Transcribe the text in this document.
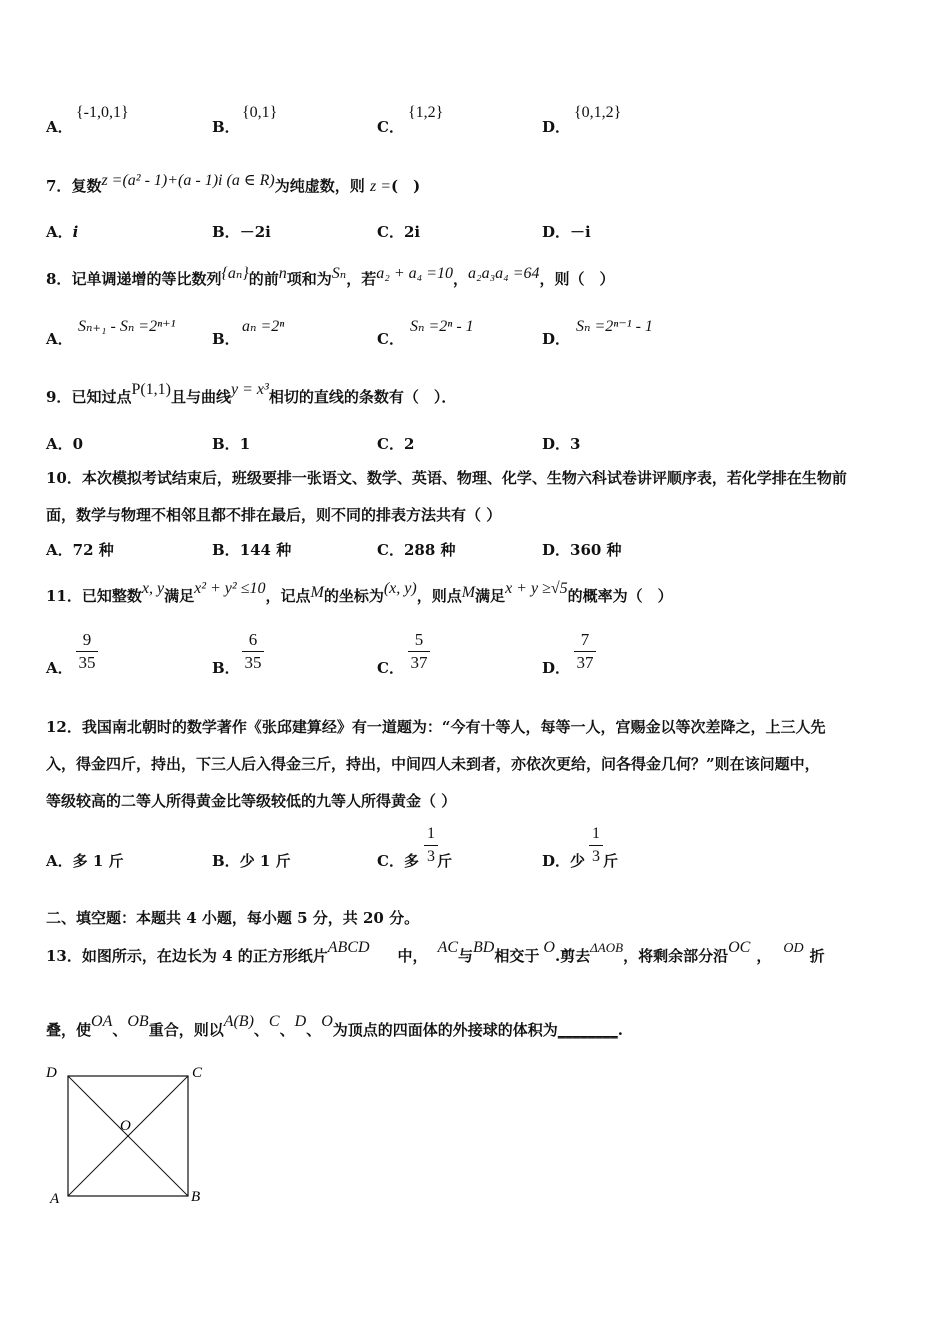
A．
{-1,0,1}
B．
{0,1}
C．
{1,2}
D．
{0,1,2}
7．复数z =(a² - 1)+(a - 1)i (a ∈ R)为纯虚数，则 z =(　)
A．i	B．－2i	C．2i	D．－i
8．记单调递增的等比数列{aₙ}的前n项和为Sₙ，若a₂ + a₄ =10，a₂a₃a₄ =64，则（　）
A．
Sₙ₊₁ - Sₙ =2ⁿ⁺¹
B．
aₙ =2ⁿ
C．
Sₙ =2ⁿ - 1
D．
Sₙ =2ⁿ⁻¹ - 1
9．已知过点P(1,1)且与曲线y = x³相切的直线的条数有（　）．
A．0	B．1	C．2	D．3
10．本次模拟考试结束后，班级要排一张语文、数学、英语、物理、化学、生物六科试卷讲评顺序表，若化学排在生物前
面，数学与物理不相邻且都不排在最后，则不同的排表方法共有（ ）
A．72 种	B．144 种	C．288 种	D．360 种
11．已知整数x, y满足x² + y² ≤10，记点M的坐标为(x, y)，则点M满足x + y ≥√5的概率为（　）
A．
9
35	B．
6
35	C．
5
37	D．
7
37
12．我国南北朝时的数学著作《张邱建算经》有一道题为：“今有十等人，每等一人，宫赐金以等次差降之，上三人先
入，得金四斤，持出，下三人后入得金三斤，持出，中间四人未到者，亦依次更给，问各得金几何？”则在该问题中，
等级较高的二等人所得黄金比等级较低的九等人所得黄金（ ）
A．多 1 斤	B．少 1 斤	C．多 斤
1
3	D．少 斤
1
3
二、填空题：本题共 4 小题，每小题 5 分，共 20 分。
13．如图所示，在边长为 4 的正方形纸片ABCD 中， AC与BD相交于 O.剪去ΔAOB，将剩余部分沿OC ， OD 折
叠，使OA、OB重合，则以A(B)、C、D、O为顶点的四面体的外接球的体积为________.
D	C
O
A	B
